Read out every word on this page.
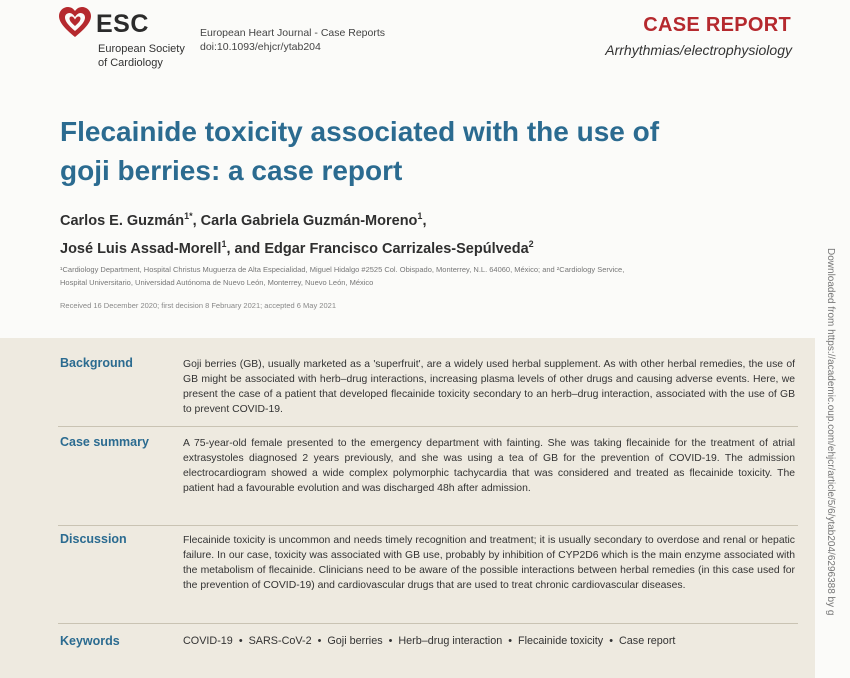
ESC
European Society
of Cardiology
European Heart Journal - Case Reports
doi:10.1093/ehjcr/ytab204
CASE REPORT
Arrhythmias/electrophysiology
Flecainide toxicity associated with the use of
goji berries: a case report
Carlos E. Guzmán$^{1*}$, Carla Gabriela Guzmán-Moreno$^1$,
José Luis Assad-Morell$^1$, and Edgar Francisco Carrizales-Sepúlveda$^2$
¹Cardiology Department, Hospital Christus Muguerza de Alta Especialidad, Miguel Hidalgo #2525 Col. Obispado, Monterrey, N.L. 64060, México; and ²Cardiology Service,
Hospital Universitario, Universidad Autónoma de Nuevo León, Monterrey, Nuevo León, México
Received 16 December 2020; first decision 8 February 2021; accepted 6 May 2021	Downloaded from https://academic.oup.com/ehjcr/article/5/6/ytab204/6296388 by g
Background	Goji berries (GB), usually marketed as a 'superfruit', are a widely used herbal supplement. As with other herbal remedies, the use of GB might be associated with herb–drug interactions, increasing plasma levels of other drugs and causing adverse events. Here, we present the case of a patient that developed flecainide toxicity secondary to an herb–drug interaction, associated with the use of GB to prevent COVID-19.

Case summary	A 75-year-old female presented to the emergency department with fainting. She was taking flecainide for the treatment of atrial extrasystoles diagnosed 2 years previously, and she was using a tea of GB for the prevention of COVID-19. The admission electrocardiogram showed a wide complex polymorphic tachycardia that was considered and treated as flecainide toxicity. The patient had a favourable evolution and was discharged 48h after admission.

Discussion	Flecainide toxicity is uncommon and needs timely recognition and treatment; it is usually secondary to overdose and renal or hepatic failure. In our case, toxicity was associated with GB use, probably by inhibition of CYP2D6 which is the main enzyme associated with the metabolism of flecainide. Clinicians need to be aware of the possible interactions between herbal remedies (in this case used for the prevention of COVID-19) and cardiovascular drugs that are used to treat chronic cardiovascular diseases.

Keywords	COVID-19 • SARS-CoV-2 • Goji berries • Herb–drug interaction • Flecainide toxicity • Case report
